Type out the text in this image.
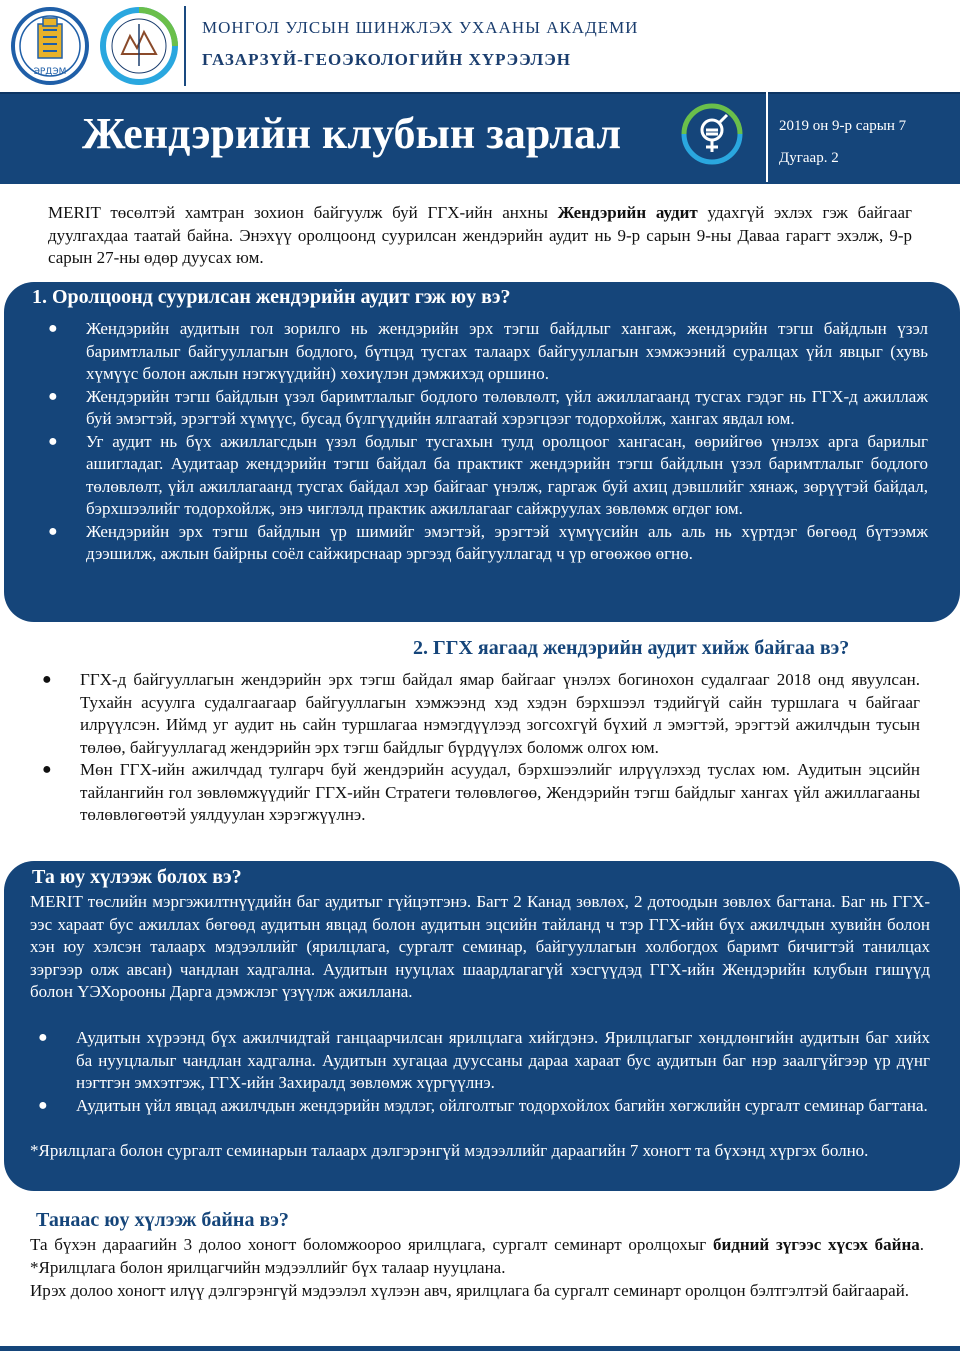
ЭРДЭМ
МОНГОЛ УЛСЫН ШИНЖЛЭХ УХААНЫ АКАДЕМИ
ГАЗАРЗҮЙ-ГЕОЭКОЛОГИЙН ХҮРЭЭЛЭН
Жендэрийн клубын зарлал	2019 он 9-р сарын 7
Дугаар. 2
MERIT төсөлтэй хамтран зохион байгуулж буй ГГХ-ийн анхны Жендэрийн аудит удахгүй эхлэх гэж байгааг дуулгахдаа таатай байна. Энэхүү оролцоонд суурилсан жендэрийн аудит нь 9-р сарын 9-ны Даваа гарагт эхэлж, 9-р сарын 27-ны өдөр дуусах юм.
1. Оролцоонд суурилсан жендэрийн аудит гэж юу вэ?
● Жендэрийн аудитын гол зорилго нь жендэрийн эрх тэгш байдлыг хангаж, жендэрийн тэгш байдлын үзэл баримтлалыг байгууллагын бодлого, бүтцэд тусгах талаарх байгууллагын хэмжээний суралцах үйл явцыг (хувь хүмүүс болон ажлын нэгжүүдийн) хөхиүлэн дэмжихэд оршино.
● Жендэрийн тэгш байдлын үзэл баримтлалыг бодлого төлөвлөлт, үйл ажиллагаанд тусгах гэдэг нь ГГХ-д ажиллаж буй эмэгтэй, эрэгтэй хүмүүс, бусад бүлгүүдийн ялгаатай хэрэгцээг тодорхойлж, хангах явдал юм.
● Уг аудит нь бүх ажиллагсдын үзэл бодлыг тусгахын тулд оролцоог хангасан, өөрийгөө үнэлэх арга барилыг ашигладаг. Аудитаар жендэрийн тэгш байдал ба практикт жендэрийн тэгш байдлын үзэл баримтлалыг бодлого төлөвлөлт, үйл ажиллагаанд тусгах байдал хэр байгааг үнэлж, гаргаж буй ахиц дэвшлийг хянаж, зөрүүтэй байдал, бэрхшээлийг тодорхойлж, энэ чиглэлд практик ажиллагааг сайжруулах зөвлөмж өгдөг юм.
● Жендэрийн эрх тэгш байдлын үр шимийг эмэгтэй, эрэгтэй хүмүүсийн аль аль нь хүртдэг бөгөөд бүтээмж дээшилж, ажлын байрны соёл сайжирснаар эргээд байгууллагад ч үр өгөөжөө өгнө.
2. ГГХ яагаад жендэрийн аудит хийж байгаа вэ?
● ГГХ-д байгууллагын жендэрийн эрх тэгш байдал ямар байгааг үнэлэх богинохон судалгааг 2018 онд явуулсан. Тухайн асуулга судалгаагаар байгууллагын хэмжээнд хэд хэдэн бэрхшээл тэдийгүй сайн туршлага ч байгааг илрүүлсэн. Иймд уг аудит нь сайн туршлагаа нэмэгдүүлээд зогсохгүй бүхий л эмэгтэй, эрэгтэй ажилчдын тусын төлөө, байгууллагад жендэрийн эрх тэгш байдлыг бүрдүүлэх боломж олгох юм.
● Мөн ГГХ-ийн ажилчдад тулгарч буй жендэрийн асуудал, бэрхшээлийг илрүүлэхэд туслах юм. Аудитын эцсийн тайлангийн гол зөвлөмжүүдийг ГГХ-ийн Стратеги төлөвлөгөө, Жендэрийн тэгш байдлыг хангах үйл ажиллагааны төлөвлөгөөтэй уялдуулан хэрэгжүүлнэ.
Та юу хүлээж болох вэ?
MERIT төслийн мэргэжилтнүүдийн баг аудитыг гүйцэтгэнэ. Багт 2 Канад зөвлөх, 2 дотоодын зөвлөх багтана. Баг нь ГГХ-ээс хараат бус ажиллах бөгөөд аудитын явцад болон аудитын эцсийн тайланд ч тэр ГГХ-ийн бүх ажилчдын хувийн болон хэн юу хэлсэн талаарх мэдээллийг (ярилцлага, сургалт семинар, байгууллагын холбогдох баримт бичигтэй танилцах зэргээр олж авсан) чандлан хадгална. Аудитын нууцлах шаардлагагүй хэсгүүдэд ГГХ-ийн Жендэрийн клубын гишүүд болон ҮЭХорооны Дарга дэмжлэг үзүүлж ажиллана.
● Аудитын хүрээнд бүх ажилчидтай ганцаарчилсан ярилцлага хийгдэнэ. Ярилцлагыг хөндлөнгийн аудитын баг хийх ба нууцлалыг чандлан хадгална. Аудитын хугацаа дууссаны дараа хараат бус аудитын баг нэр заалгүйгээр үр дүнг нэгтгэн эмхэтгэж, ГГХ-ийн Захиралд зөвлөмж хүргүүлнэ.
● Аудитын үйл явцад ажилчдын жендэрийн мэдлэг, ойлголтыг тодорхойлох багийн хөгжлийн сургалт семинар багтана.
*Ярилцлага болон сургалт семинарын талаарх дэлгэрэнгүй мэдээллийг дараагийн 7 хоногт та бүхэнд хүргэх болно.
Танаас юу хүлээж байна вэ?
Та бүхэн дараагийн 3 долоо хоногт боломжоороо ярилцлага, сургалт семинарт оролцохыг бидний зүгээс хүсэх байна. *Ярилцлага болон ярилцагчийн мэдээллийг бүх талаар нууцлана.
Ирэх долоо хоногт илүү дэлгэрэнгүй мэдээлэл хүлээн авч, ярилцлага ба сургалт семинарт оролцон бэлтгэлтэй байгаарай.
